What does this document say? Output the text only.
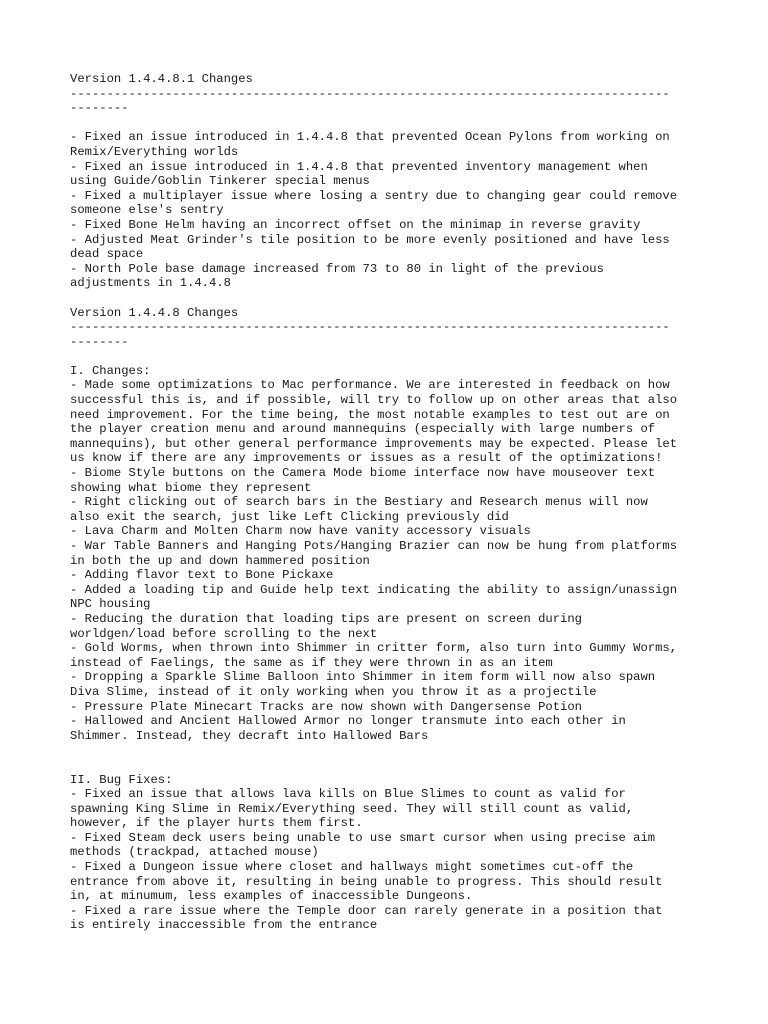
Version 1.4.4.8.1 Changes
----------------------------------------------------------------------------------
--------
- Fixed an issue introduced in 1.4.4.8 that prevented Ocean Pylons from working on
Remix/Everything worlds
- Fixed an issue introduced in 1.4.4.8 that prevented inventory management when
using Guide/Goblin Tinkerer special menus
- Fixed a multiplayer issue where losing a sentry due to changing gear could remove
someone else's sentry
- Fixed Bone Helm having an incorrect offset on the minimap in reverse gravity
- Adjusted Meat Grinder's tile position to be more evenly positioned and have less
dead space
- North Pole base damage increased from 73 to 80 in light of the previous
adjustments in 1.4.4.8
Version 1.4.4.8 Changes
----------------------------------------------------------------------------------
--------
I. Changes:
- Made some optimizations to Mac performance. We are interested in feedback on how
successful this is, and if possible, will try to follow up on other areas that also
need improvement. For the time being, the most notable examples to test out are on
the player creation menu and around mannequins (especially with large numbers of
mannequins), but other general performance improvements may be expected. Please let
us know if there are any improvements or issues as a result of the optimizations!
- Biome Style buttons on the Camera Mode biome interface now have mouseover text
showing what biome they represent
- Right clicking out of search bars in the Bestiary and Research menus will now
also exit the search, just like Left Clicking previously did
- Lava Charm and Molten Charm now have vanity accessory visuals
- War Table Banners and Hanging Pots/Hanging Brazier can now be hung from platforms
in both the up and down hammered position
- Adding flavor text to Bone Pickaxe
- Added a loading tip and Guide help text indicating the ability to assign/unassign
NPC housing
- Reducing the duration that loading tips are present on screen during
worldgen/load before scrolling to the next
- Gold Worms, when thrown into Shimmer in critter form, also turn into Gummy Worms,
instead of Faelings, the same as if they were thrown in as an item
- Dropping a Sparkle Slime Balloon into Shimmer in item form will now also spawn
Diva Slime, instead of it only working when you throw it as a projectile
- Pressure Plate Minecart Tracks are now shown with Dangersense Potion
- Hallowed and Ancient Hallowed Armor no longer transmute into each other in
Shimmer. Instead, they decraft into Hallowed Bars
II. Bug Fixes:
- Fixed an issue that allows lava kills on Blue Slimes to count as valid for
spawning King Slime in Remix/Everything seed. They will still count as valid,
however, if the player hurts them first.
- Fixed Steam deck users being unable to use smart cursor when using precise aim
methods (trackpad, attached mouse)
- Fixed a Dungeon issue where closet and hallways might sometimes cut-off the
entrance from above it, resulting in being unable to progress. This should result
in, at minumum, less examples of inaccessible Dungeons.
- Fixed a rare issue where the Temple door can rarely generate in a position that
is entirely inaccessible from the entrance
